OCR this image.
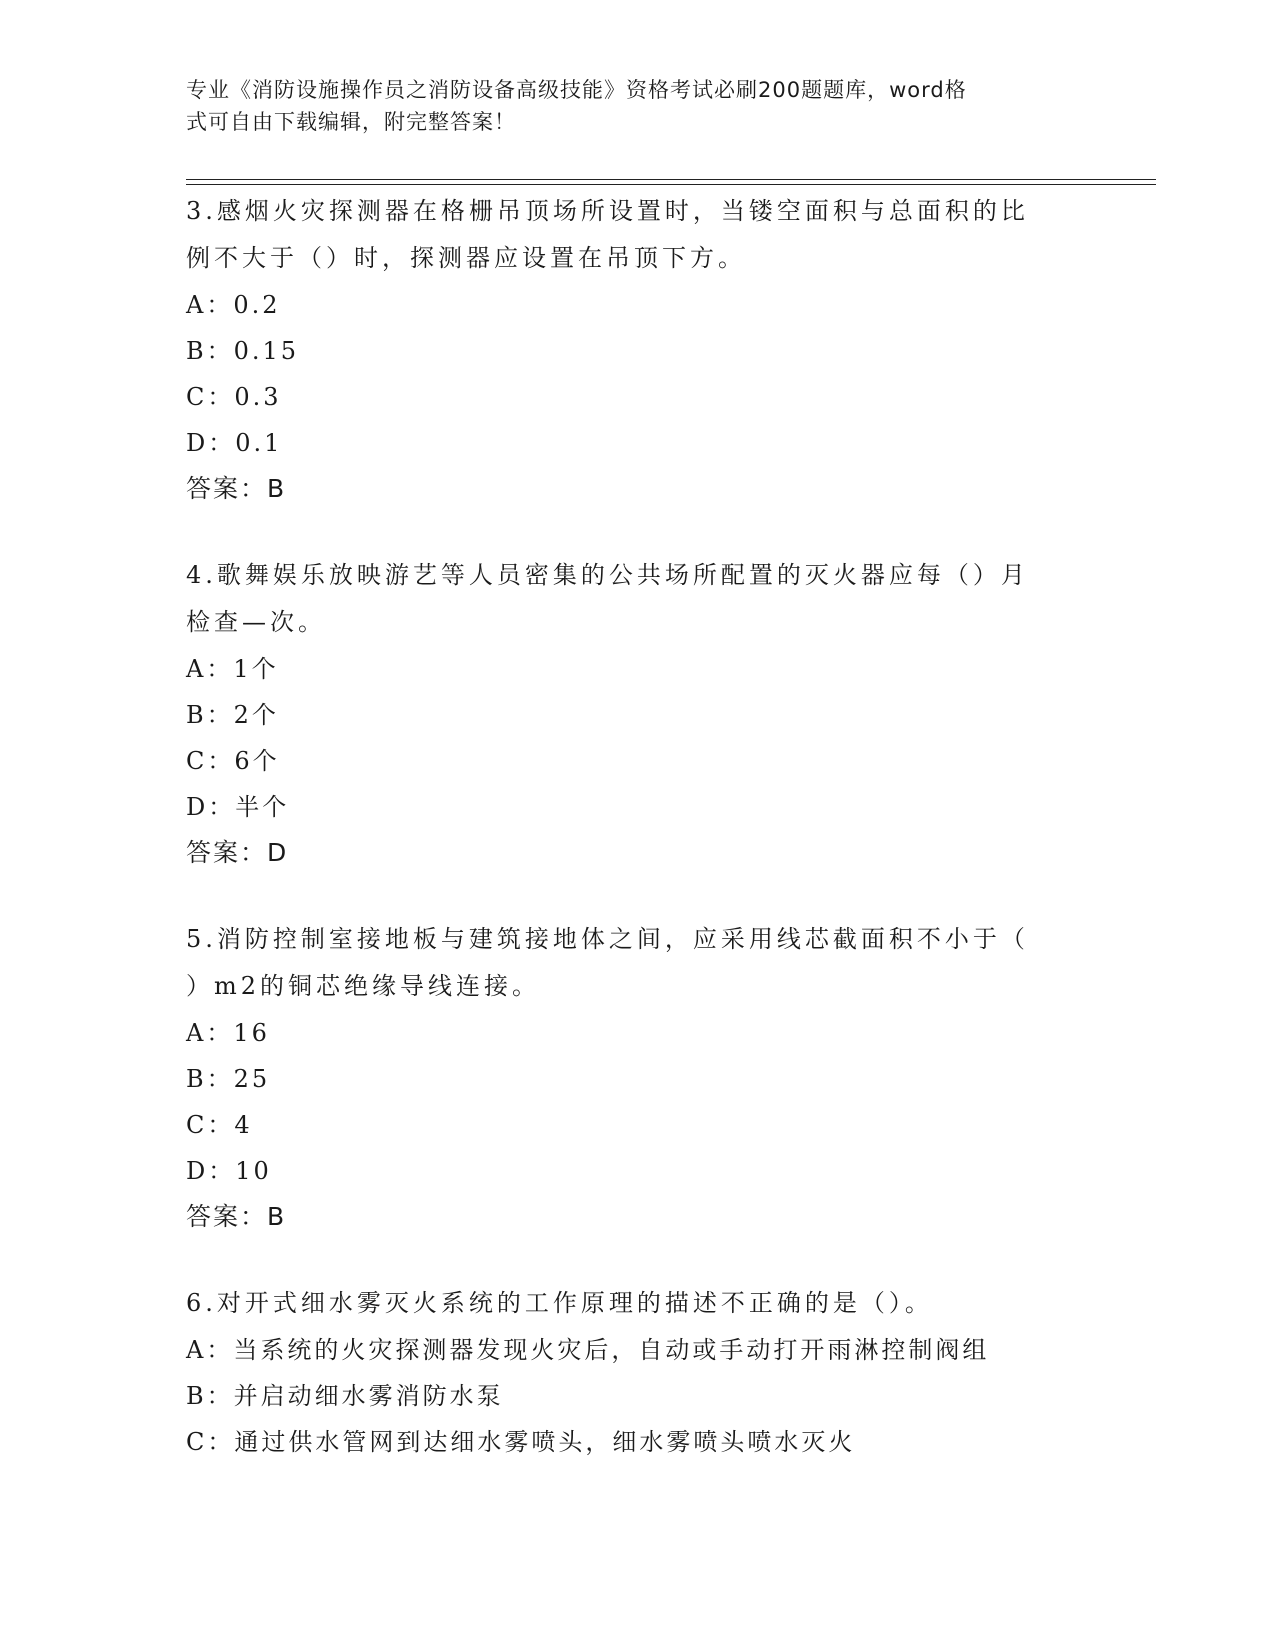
专业《消防设施操作员之消防设备高级技能》资格考试必刷200题题库，word格
式可自由下载编辑，附完整答案！

3.感烟火灾探测器在格栅吊顶场所设置时，当镂空面积与总面积的比

例不大于（）时，探测器应设置在吊顶下方。

A：0.2

B：0.15

C：0.3

D：0.1

答案：B

4.歌舞娱乐放映游艺等人员密集的公共场所配置的灭火器应每（）月

检查—次。

A：1个

B：2个

C：6个

D：半个

答案：D

5.消防控制室接地板与建筑接地体之间，应采用线芯截面积不小于（

）m2的铜芯绝缘导线连接。

A：16

B：25

C：4

D：10

答案：B

6.对开式细水雾灭火系统的工作原理的描述不正确的是（）。

A：当系统的火灾探测器发现火灾后，自动或手动打开雨淋控制阀组

B：并启动细水雾消防水泵

C：通过供水管网到达细水雾喷头，细水雾喷头喷水灭火
